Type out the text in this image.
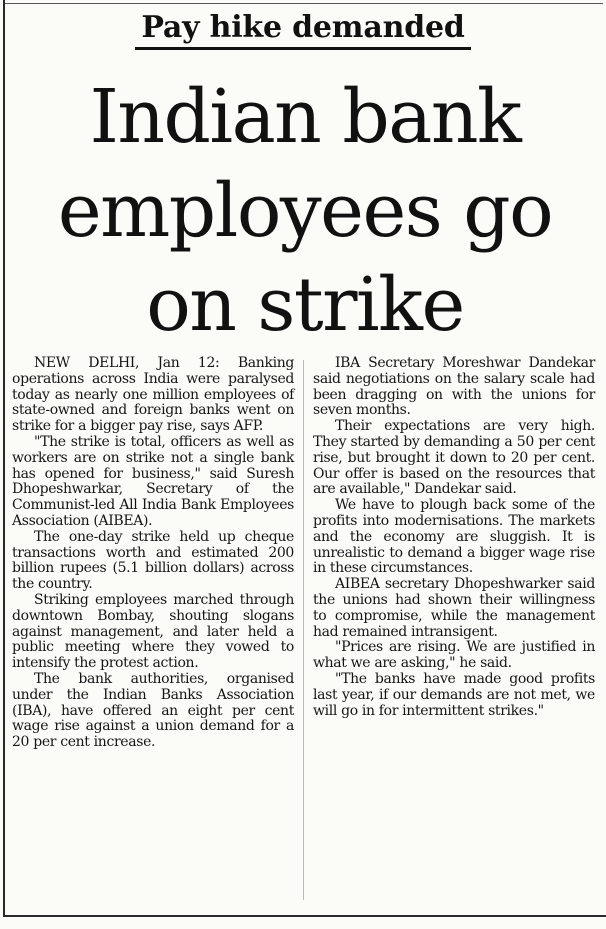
Pay hike demanded
Indian bank employees go on strike

NEW DELHI, Jan 12: Banking operations across India were paralysed today as nearly one million employees of state-owned and foreign banks went on strike for a bigger pay rise, says AFP.

"The strike is total, officers as well as workers are on strike not a single bank has opened for business," said Suresh Dhopeshwarkar, Secretary of the Communist-led All India Bank Employees Association (AIBEA).

The one-day strike held up cheque transactions worth and estimated 200 billion rupees (5.1 billion dollars) across the country.

Striking employees marched through downtown Bombay, shouting slogans against management, and later held a public meeting where they vowed to intensify the protest action.

The bank authorities, organised under the Indian Banks Association (IBA), have offered an eight per cent wage rise against a union demand for a 20 per cent increase.

IBA Secretary Moreshwar Dandekar said negotiations on the salary scale had been dragging on with the unions for seven months.

Their expectations are very high. They started by demanding a 50 per cent rise, but brought it down to 20 per cent. Our offer is based on the resources that are available," Dandekar said.

We have to plough back some of the profits into modernisations. The markets and the economy are sluggish. It is unrealistic to demand a bigger wage rise in these circumstances.

AIBEA secretary Dhopeshwarker said the unions had shown their willingness to compromise, while the management had remained intransigent.

"Prices are rising. We are justified in what we are asking," he said.

"The banks have made good profits last year, if our demands are not met, we will go in for intermittent strikes."
